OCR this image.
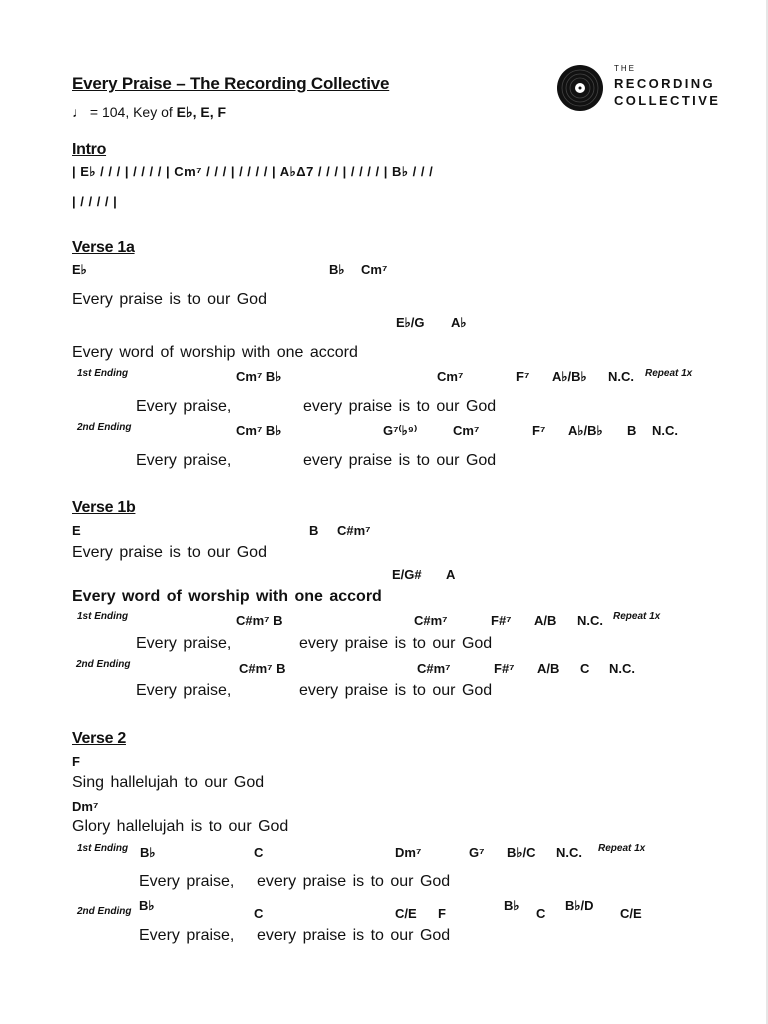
Every Praise – The Recording Collective
♩ = 104, Key of E♭, E, F
THE
RECORDING
COLLECTIVE
Intro
| E♭ / / / | / / / / | Cm⁷ / / / | / / / / | A♭Δ7 / / / | / / / / | B♭ / / /
| / / / / |
Verse 1a
E♭	B♭ Cm⁷
Every praise is to our God
E♭/G A♭
Every word of worship with one accord
1st Ending	Cm⁷ B♭	Cm⁷	F⁷ A♭/B♭ N.C. Repeat 1x
Every praise,	every praise is to our God
2nd Ending	Cm⁷ B♭	G⁷⁽♭⁹⁾	Cm⁷	F⁷ A♭/B♭ B N.C.
Every praise,	every praise is to our God
Verse 1b
E	B C#m⁷
Every praise is to our God
E/G# A
Every word of worship with one accord
1st Ending	C#m⁷ B	C#m⁷	F#⁷ A/B N.C. Repeat 1x
Every praise,	every praise is to our God
2nd Ending	C#m⁷ B	C#m⁷	F#⁷ A/B C N.C.
Every praise,	every praise is to our God
Verse 2
F
Sing hallelujah to our God
Dm⁷
Glory hallelujah is to our God
1st Ending B♭	C	Dm⁷	G⁷ B♭/C N.C. Repeat 1x
Every praise, every praise is to our God
2nd Ending B♭
C	C/E F
B♭
C
B♭/D
C/E
Every praise, every praise is to our God
